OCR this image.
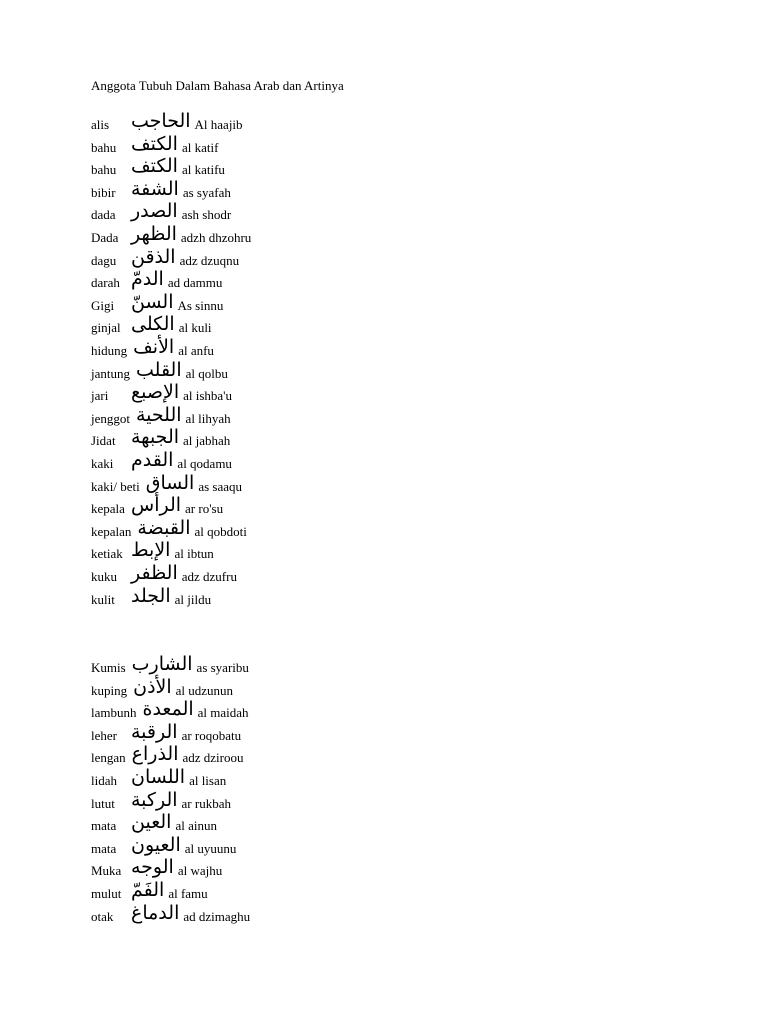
Anggota Tubuh Dalam Bahasa Arab dan Artinya
alis الحاجب Al haajib
bahu الكتف al katif
bahu الكتف al katifu
bibir الشفة as syafah
dada الصدر ash shodr
Dada الظهر adzh dhzohru
dagu الذقن adz dzuqnu
darah الدمّ ad dammu
Gigi السنّ As sinnu
ginjal الكلى al kuli
hidung الأنف al anfu
jantung القلب al qolbu
jari الإصبع al ishba'u
jenggot اللحية al lihyah
Jidat الجبهة al jabhah
kaki القدم al qodamu
kaki/ beti الساق as saaqu
kepala الرأس ar ro'su
kepalan القبضة al qobdoti
ketiak الإبط al ibtun
kuku الظفر adz dzufru
kulit الجلد al jildu
Kumis الشارب as syaribu
kuping الأذن al udzunun
lambunh المعدة al maidah
leher الرقبة ar roqobatu
lengan الذراع adz dziroou
lidah اللسان al lisan
lutut الركبة ar rukbah
mata العين al ainun
mata العيون al uyuunu
Muka الوجه al wajhu
mulut الفَمّ al famu
otak الدماغ ad dzimaghu
